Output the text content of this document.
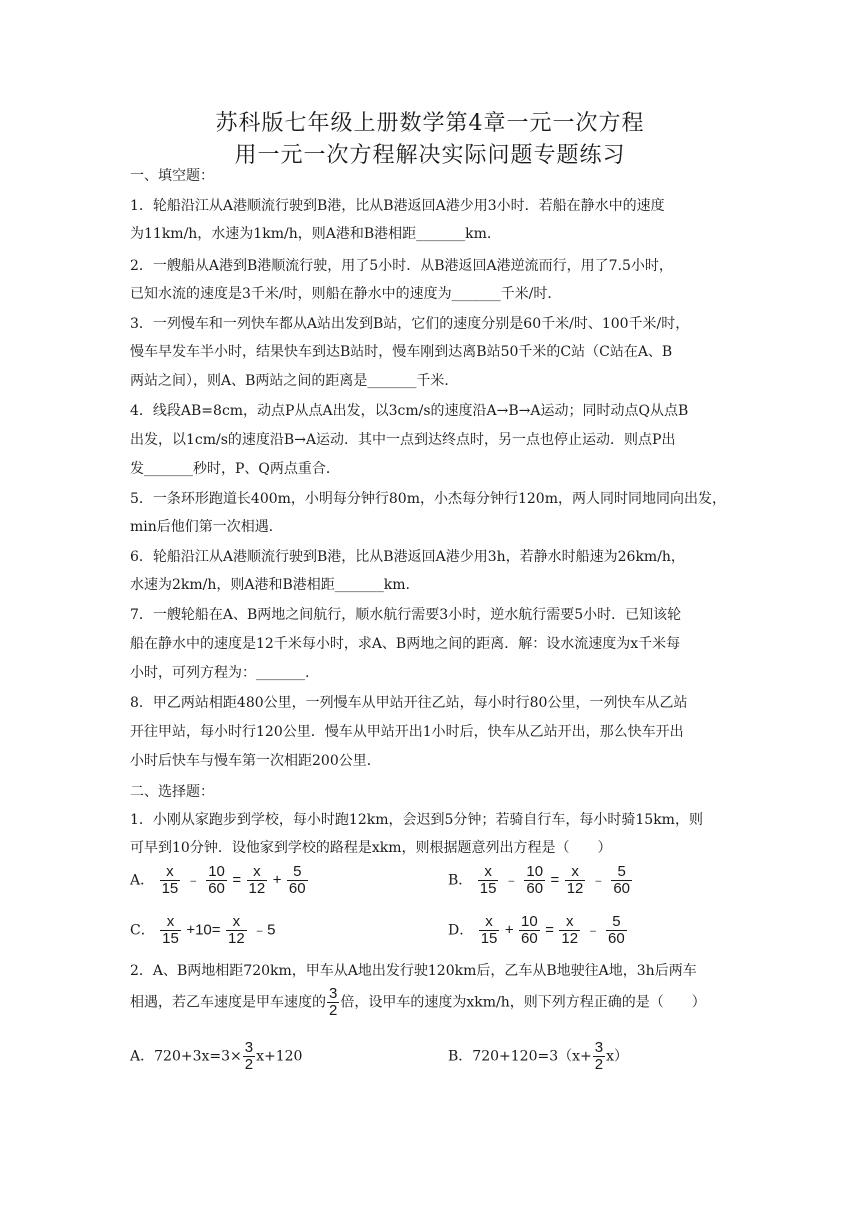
苏科版七年级上册数学第4章一元一次方程
用一元一次方程解决实际问题专题练习
一、填空题：
1．轮船沿江从A港顺流行驶到B港，比从B港返回A港少用3小时．若船在静水中的速度
为11km/h，水速为1km/h，则A港和B港相距_______km.
2．一艘船从A港到B港顺流行驶，用了5小时．从B港返回A港逆流而行，用了7.5小时，
已知水流的速度是3千米/时，则船在静水中的速度为_______千米/时．
3．一列慢车和一列快车都从A站出发到B站，它们的速度分别是60千米/时、100千米/时，
慢车早发车半小时，结果快车到达B站时，慢车刚到达离B站50千米的C站（C站在A、B
两站之间），则A、B两站之间的距离是_______千米．
4．线段AB=8cm，动点P从点A出发，以3cm/s的速度沿A→B→A运动；同时动点Q从点B
出发，以1cm/s的速度沿B→A运动．其中一点到达终点时，另一点也停止运动．则点P出
发_______秒时，P、Q两点重合．
5．一条环形跑道长400m，小明每分钟行80m，小杰每分钟行120m，两人同时同地同向出发，
min后他们第一次相遇．
6．轮船沿江从A港顺流行驶到B港，比从B港返回A港少用3h，若静水时船速为26km/h，
水速为2km/h，则A港和B港相距_______km.
7．一艘轮船在A、B两地之间航行，顺水航行需要3小时，逆水航行需要5小时．已知该轮
船在静水中的速度是12千米每小时，求A、B两地之间的距离．解：设水流速度为x千米每
小时，可列方程为：_______.
8．甲乙两站相距480公里，一列慢车从甲站开往乙站，每小时行80公里，一列快车从乙站
开往甲站，每小时行120公里．慢车从甲站开出1小时后，快车从乙站开出，那么快车开出
小时后快车与慢车第一次相距200公里．
二、选择题：
1．小刚从家跑步到学校，每小时跑12km，会迟到5分钟；若骑自行车，每小时骑15km，则
可早到10分钟．设他家到学校的路程是xkm，则根据题意列出方程是（　　）
A． $\frac{x}{15}$ ﹣ $\frac{10}{60} = \frac{x}{12} + \frac{5}{60}$	B． $\frac{x}{15}$ ﹣ $\frac{10}{60} = \frac{x}{12}$ ﹣ $\frac{5}{60}$
C． $\frac{x}{15} +10= \frac{x}{12}$ ﹣5	D． $\frac{x}{15} + \frac{10}{60} = \frac{x}{12}$ ﹣ $\frac{5}{60}$
2．A、B两地相距720km，甲车从A地出发行驶120km后，乙车从B地驶往A地，3h后两车
相遇，若乙车速度是甲车速度的 $\frac{3}{2}$ 倍，设甲车的速度为xkm/h，则下列方程正确的是（　　）
A．$720+3x=3\times \frac{3}{2} x+120$	B．$720+120=3(x+ \frac{3}{2} x)$
